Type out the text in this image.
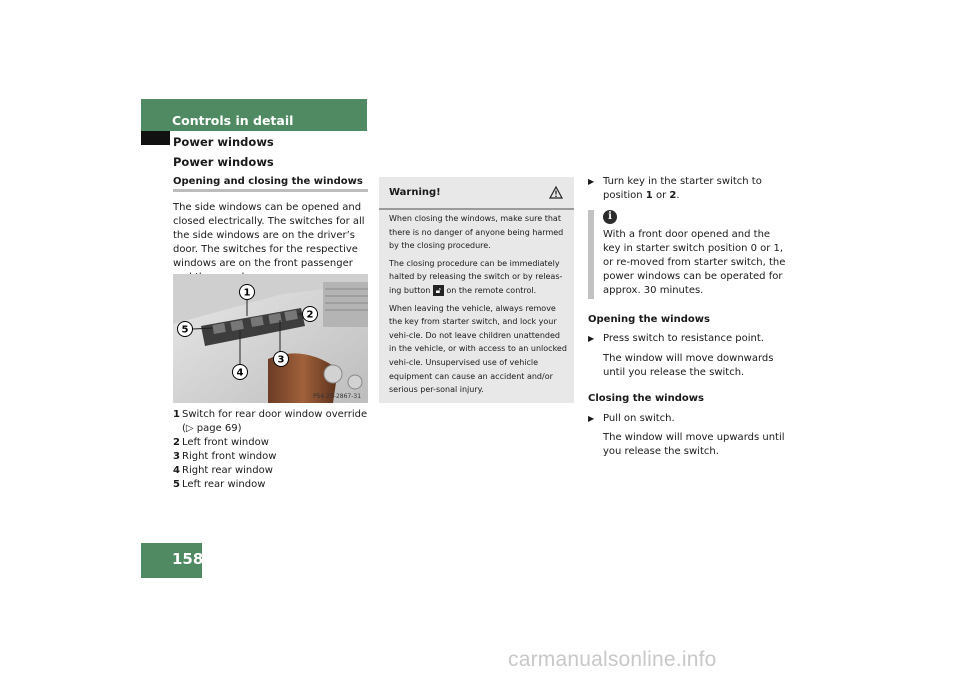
Controls in detail
Power windows
Power windows
Opening and closing the windows
The side windows can be opened and closed electrically. The switches for all the side windows are on the driver’s door. The switches for the respective windows are on the front passenger
1
2
3
4
5
P54.25-2867-31
1 Switch for rear door window override
(▷ page 69)
2 Left front window
3 Right front window
4 Right rear window
5 Left rear window
Warning!

When closing the windows, make sure that there is no danger of anyone being harmed by the closing procedure.

The closing procedure can be immediately halted by releasing the switch or by releas-ing button 🔓︎ on the remote control.

When leaving the vehicle, always remove the key from starter switch, and lock your vehi-cle. Do not leave children unattended in the vehicle, or with access to an unlocked vehi-cle. Unsupervised use of vehicle equipment can cause an accident and/or serious per-sonal injury.

▶ Turn key in the starter switch to
position 1 or 2.
i
With a front door opened and the key in starter switch position 0 or 1, or re-moved from starter switch, the power windows can be operated for approx. 30 minutes.
Opening the windows
▶ Press switch to resistance point.
The window will move downwards until you release the switch.
Closing the windows
▶ Pull on switch.
The window will move upwards until you release the switch.
158
carmanualsonline.info
